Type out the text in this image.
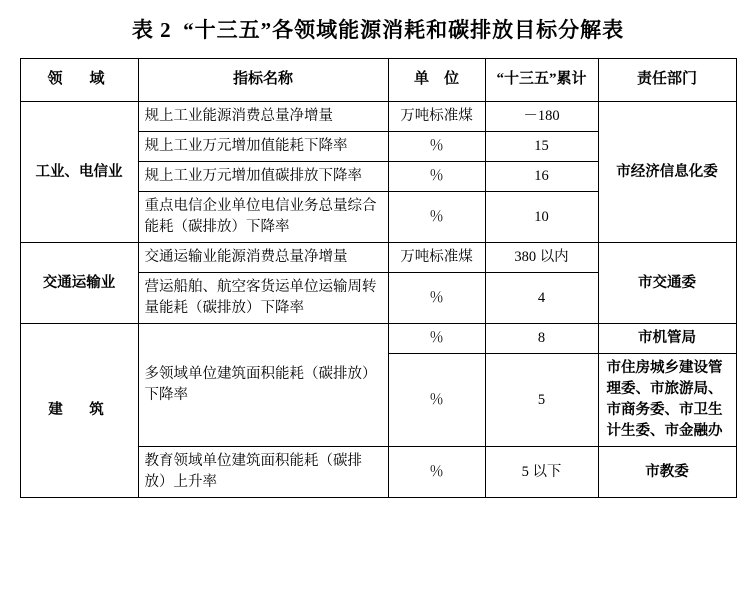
表 2 “十三五”各领域能源消耗和碳排放目标分解表
领　域	指标名称	单　位	“十三五”累计	责任部门
工业、电信业	规上工业能源消费总量净增量	万吨标准煤	－180	市经济信息化委
	规上工业万元增加值能耗下降率	％	15	
	规上工业万元增加值碳排放下降率	％	16	
	重点电信企业单位电信业务总量综合能耗（碳排放）下降率	％	10	
交通运输业	交通运输业能源消费总量净增量	万吨标准煤	380 以内	市交通委
	营运船舶、航空客货运单位运输周转量能耗（碳排放）下降率	％	4	
建　筑	多领域单位建筑面积能耗（碳排放）下降率	％	8	市机管局
		％	5	市住房城乡建设管理委、市旅游局、市商务委、市卫生计生委、市金融办
	教育领域单位建筑面积能耗（碳排放）上升率	％	5 以下	市教委
